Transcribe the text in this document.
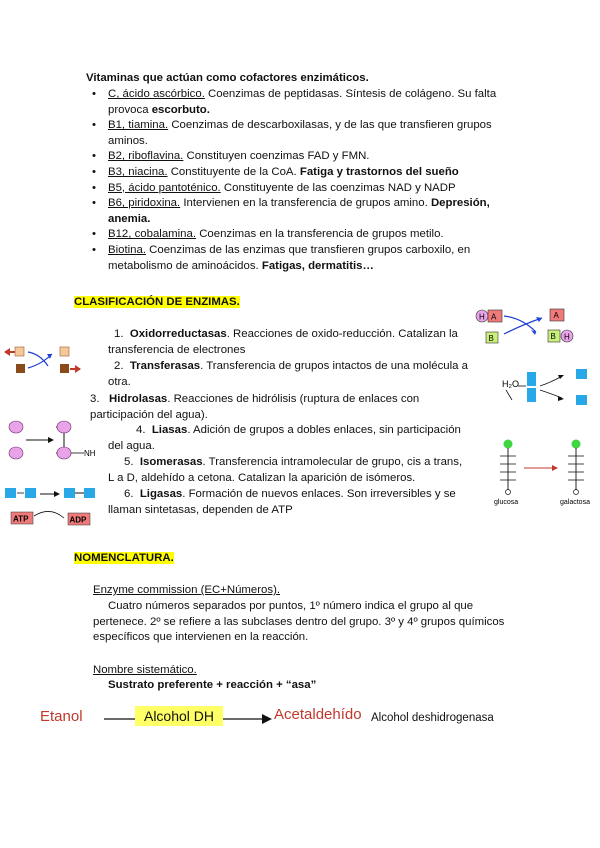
Vitaminas que actúan como cofactores enzimáticos.
• C, ácido ascórbico. Coenzimas de peptidasas. Síntesis de colágeno. Su falta provoca escorbuto.
• B1, tiamina. Coenzimas de descarboxilasas, y de las que transfieren grupos aminos.
• B2, riboflavina. Constituyen coenzimas FAD y FMN.
• B3, niacina. Constituyente de la CoA. Fatiga y trastornos del sueño
• B5, ácido pantoténico. Constituyente de las coenzimas NAD y NADP
• B6, piridoxina. Intervienen en la transferencia de grupos amino. Depresión, anemia.
• B12, cobalamina. Coenzimas en la transferencia de grupos metilo.
• Biotina. Coenzimas de las enzimas que transfieren grupos carboxilo, en metabolismo de aminoácidos. Fatigas, dermatitis…
CLASIFICACIÓN DE ENZIMAS.
1. Oxidorreductasas. Reacciones de oxido-reducción. Catalizan la transferencia de electrones
2. Transferasas. Transferencia de grupos intactos de una molécula a otra.
3. Hidrolasas. Reacciones de hidrólisis (ruptura de enlaces con participación del agua).
4. Liasas. Adición de grupos a dobles enlaces, sin participación del agua.
5. Isomerasas. Transferencia intramolecular de grupo, cis a trans, L a D, aldehído a cetona. Catalizan la aparición de isómeros.
6. Ligasas. Formación de nuevos enlaces. Son irreversibles y se llaman sintetasas, dependen de ATP
H A
B
A
B H
H₂O
NH
glucosa	galactosa
ATP	ADP
NOMENCLATURA.
Enzyme commission (EC+Números).
Cuatro números separados por puntos, 1º número indica el grupo al que pertenece. 2º se refiere a las subclases dentro del grupo. 3º y 4º grupos químicos específicos que intervienen en la reacción.
Nombre sistemático.
Sustrato preferente + reacción + “asa”
Etanol	Alcohol DH	Acetaldehído Alcohol deshidrogenasa
